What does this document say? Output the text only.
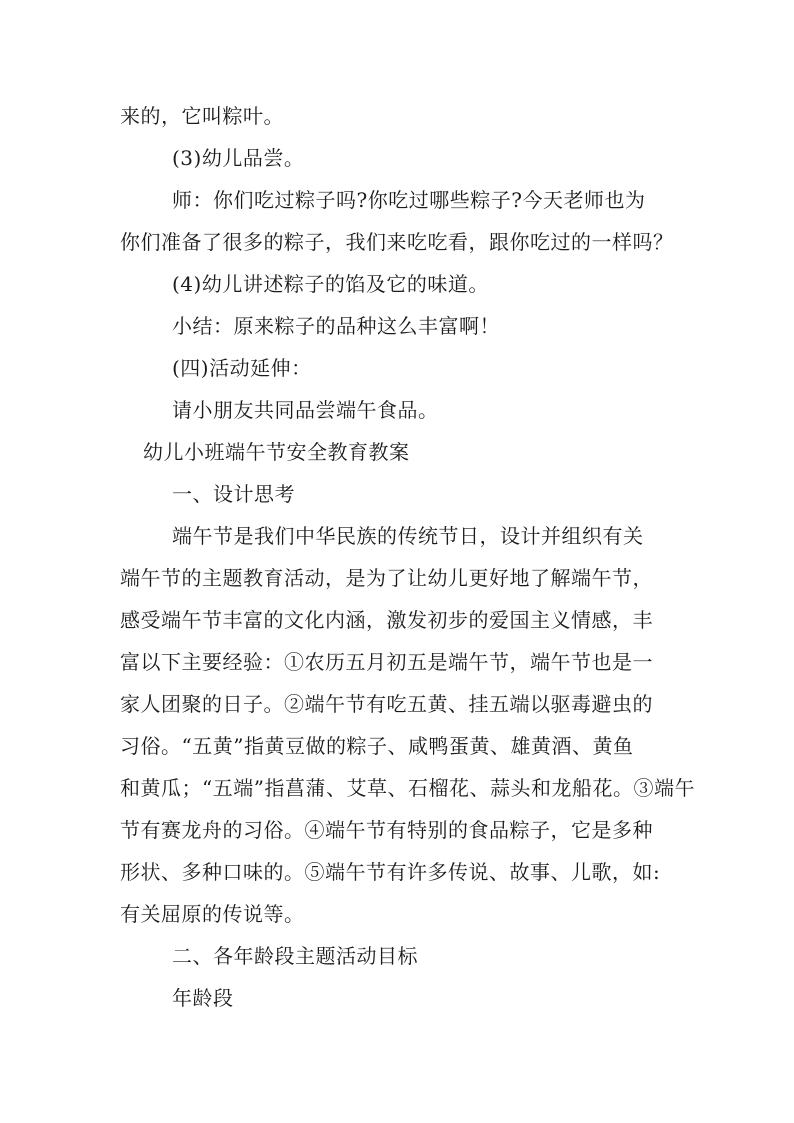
来的，它叫粽叶。
(3)幼儿品尝。
师：你们吃过粽子吗?你吃过哪些粽子?今天老师也为
你们准备了很多的粽子，我们来吃吃看，跟你吃过的一样吗？
(4)幼儿讲述粽子的馅及它的味道。
小结：原来粽子的品种这么丰富啊！
(四)活动延伸：
请小朋友共同品尝端午食品。
幼儿小班端午节安全教育教案
一、设计思考
端午节是我们中华民族的传统节日，设计并组织有关
端午节的主题教育活动，是为了让幼儿更好地了解端午节，
感受端午节丰富的文化内涵，激发初步的爱国主义情感，丰
富以下主要经验：①农历五月初五是端午节，端午节也是一
家人团聚的日子。②端午节有吃五黄、挂五端以驱毒避虫的
习俗。“五黄”指黄豆做的粽子、咸鸭蛋黄、雄黄酒、黄鱼
和黄瓜；“五端”指菖蒲、艾草、石榴花、蒜头和龙船花。③端午
节有赛龙舟的习俗。④端午节有特别的食品粽子，它是多种
形状、多种口味的。⑤端午节有许多传说、故事、儿歌，如:
有关屈原的传说等。
二、各年龄段主题活动目标
年龄段
